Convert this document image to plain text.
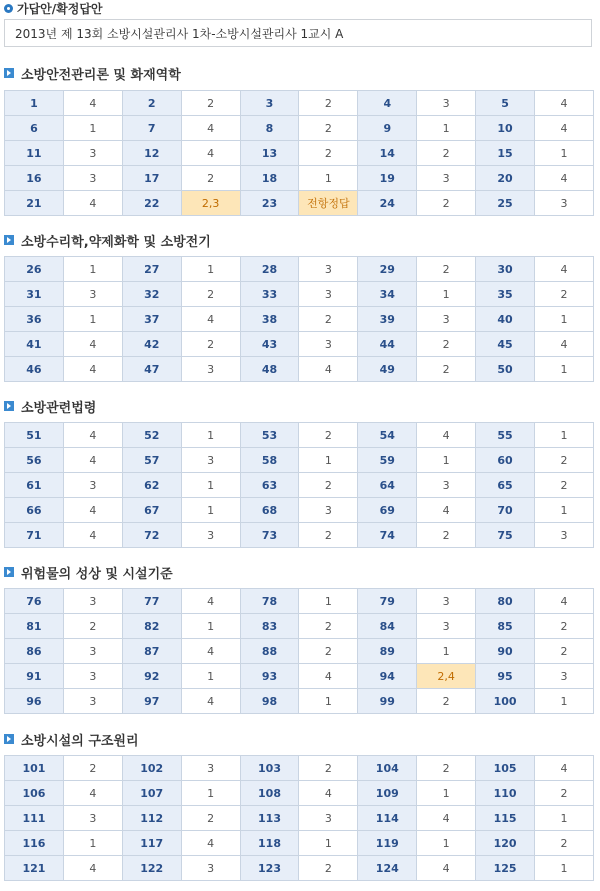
가답안/확정답안
2013년 제 13회 소방시설관리사 1차-소방시설관리사 1교시 A
소방안전관리론 및 화재역학
1	4	2	2	3	2	4	3	5	4
6	1	7	4	8	2	9	1	10	4
11	3	12	4	13	2	14	2	15	1
16	3	17	2	18	1	19	3	20	4
21	4	22	2,3	23	전항정답	24	2	25	3
소방수리학,약제화학 및 소방전기
26	1	27	1	28	3	29	2	30	4
31	3	32	2	33	3	34	1	35	2
36	1	37	4	38	2	39	3	40	1
41	4	42	2	43	3	44	2	45	4
46	4	47	3	48	4	49	2	50	1
소방관련법령
51	4	52	1	53	2	54	4	55	1
56	4	57	3	58	1	59	1	60	2
61	3	62	1	63	2	64	3	65	2
66	4	67	1	68	3	69	4	70	1
71	4	72	3	73	2	74	2	75	3
위험물의 성상 및 시설기준
76	3	77	4	78	1	79	3	80	4
81	2	82	1	83	2	84	3	85	2
86	3	87	4	88	2	89	1	90	2
91	3	92	1	93	4	94	2,4	95	3
96	3	97	4	98	1	99	2	100	1
소방시설의 구조원리
101	2	102	3	103	2	104	2	105	4
106	4	107	1	108	4	109	1	110	2
111	3	112	2	113	3	114	4	115	1
116	1	117	4	118	1	119	1	120	2
121	4	122	3	123	2	124	4	125	1
